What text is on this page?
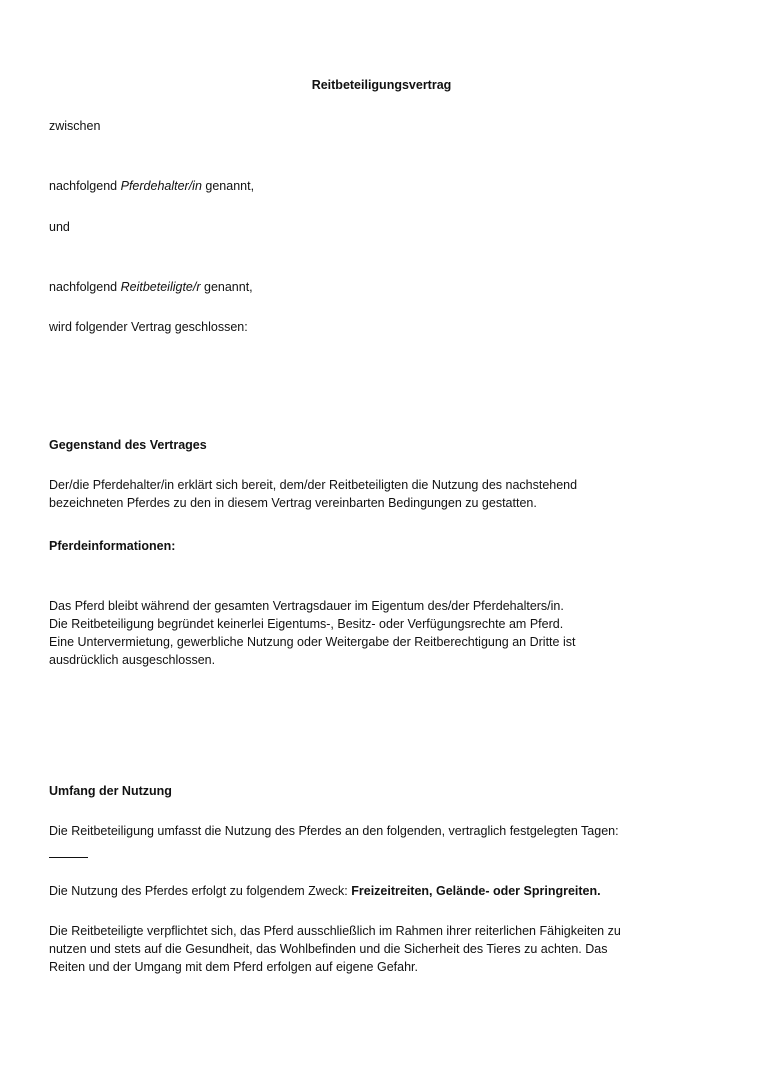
Reitbeteiligungsvertrag

zwischen

nachfolgend Pferdehalter/in genannt,

und

nachfolgend Reitbeteiligte/r genannt,

wird folgender Vertrag geschlossen:

Gegenstand des Vertrages
Der/die Pferdehalter/in erklärt sich bereit, dem/der Reitbeteiligten die Nutzung des nachstehend
bezeichneten Pferdes zu den in diesem Vertrag vereinbarten Bedingungen zu gestatten.
Pferdeinformationen:
Das Pferd bleibt während der gesamten Vertragsdauer im Eigentum des/der Pferdehalters/in.
Die Reitbeteiligung begründet keinerlei Eigentums-, Besitz- oder Verfügungsrechte am Pferd.
Eine Untervermietung, gewerbliche Nutzung oder Weitergabe der Reitberechtigung an Dritte ist
ausdrücklich ausgeschlossen.
Umfang der Nutzung

Die Reitbeteiligung umfasst die Nutzung des Pferdes an den folgenden, vertraglich festgelegten Tagen:

Die Nutzung des Pferdes erfolgt zu folgendem Zweck: Freizeitreiten, Gelände- oder Springreiten.

Die Reitbeteiligte verpflichtet sich, das Pferd ausschließlich im Rahmen ihrer reiterlichen Fähigkeiten zu
nutzen und stets auf die Gesundheit, das Wohlbefinden und die Sicherheit des Tieres zu achten. Das
Reiten und der Umgang mit dem Pferd erfolgen auf eigene Gefahr.
